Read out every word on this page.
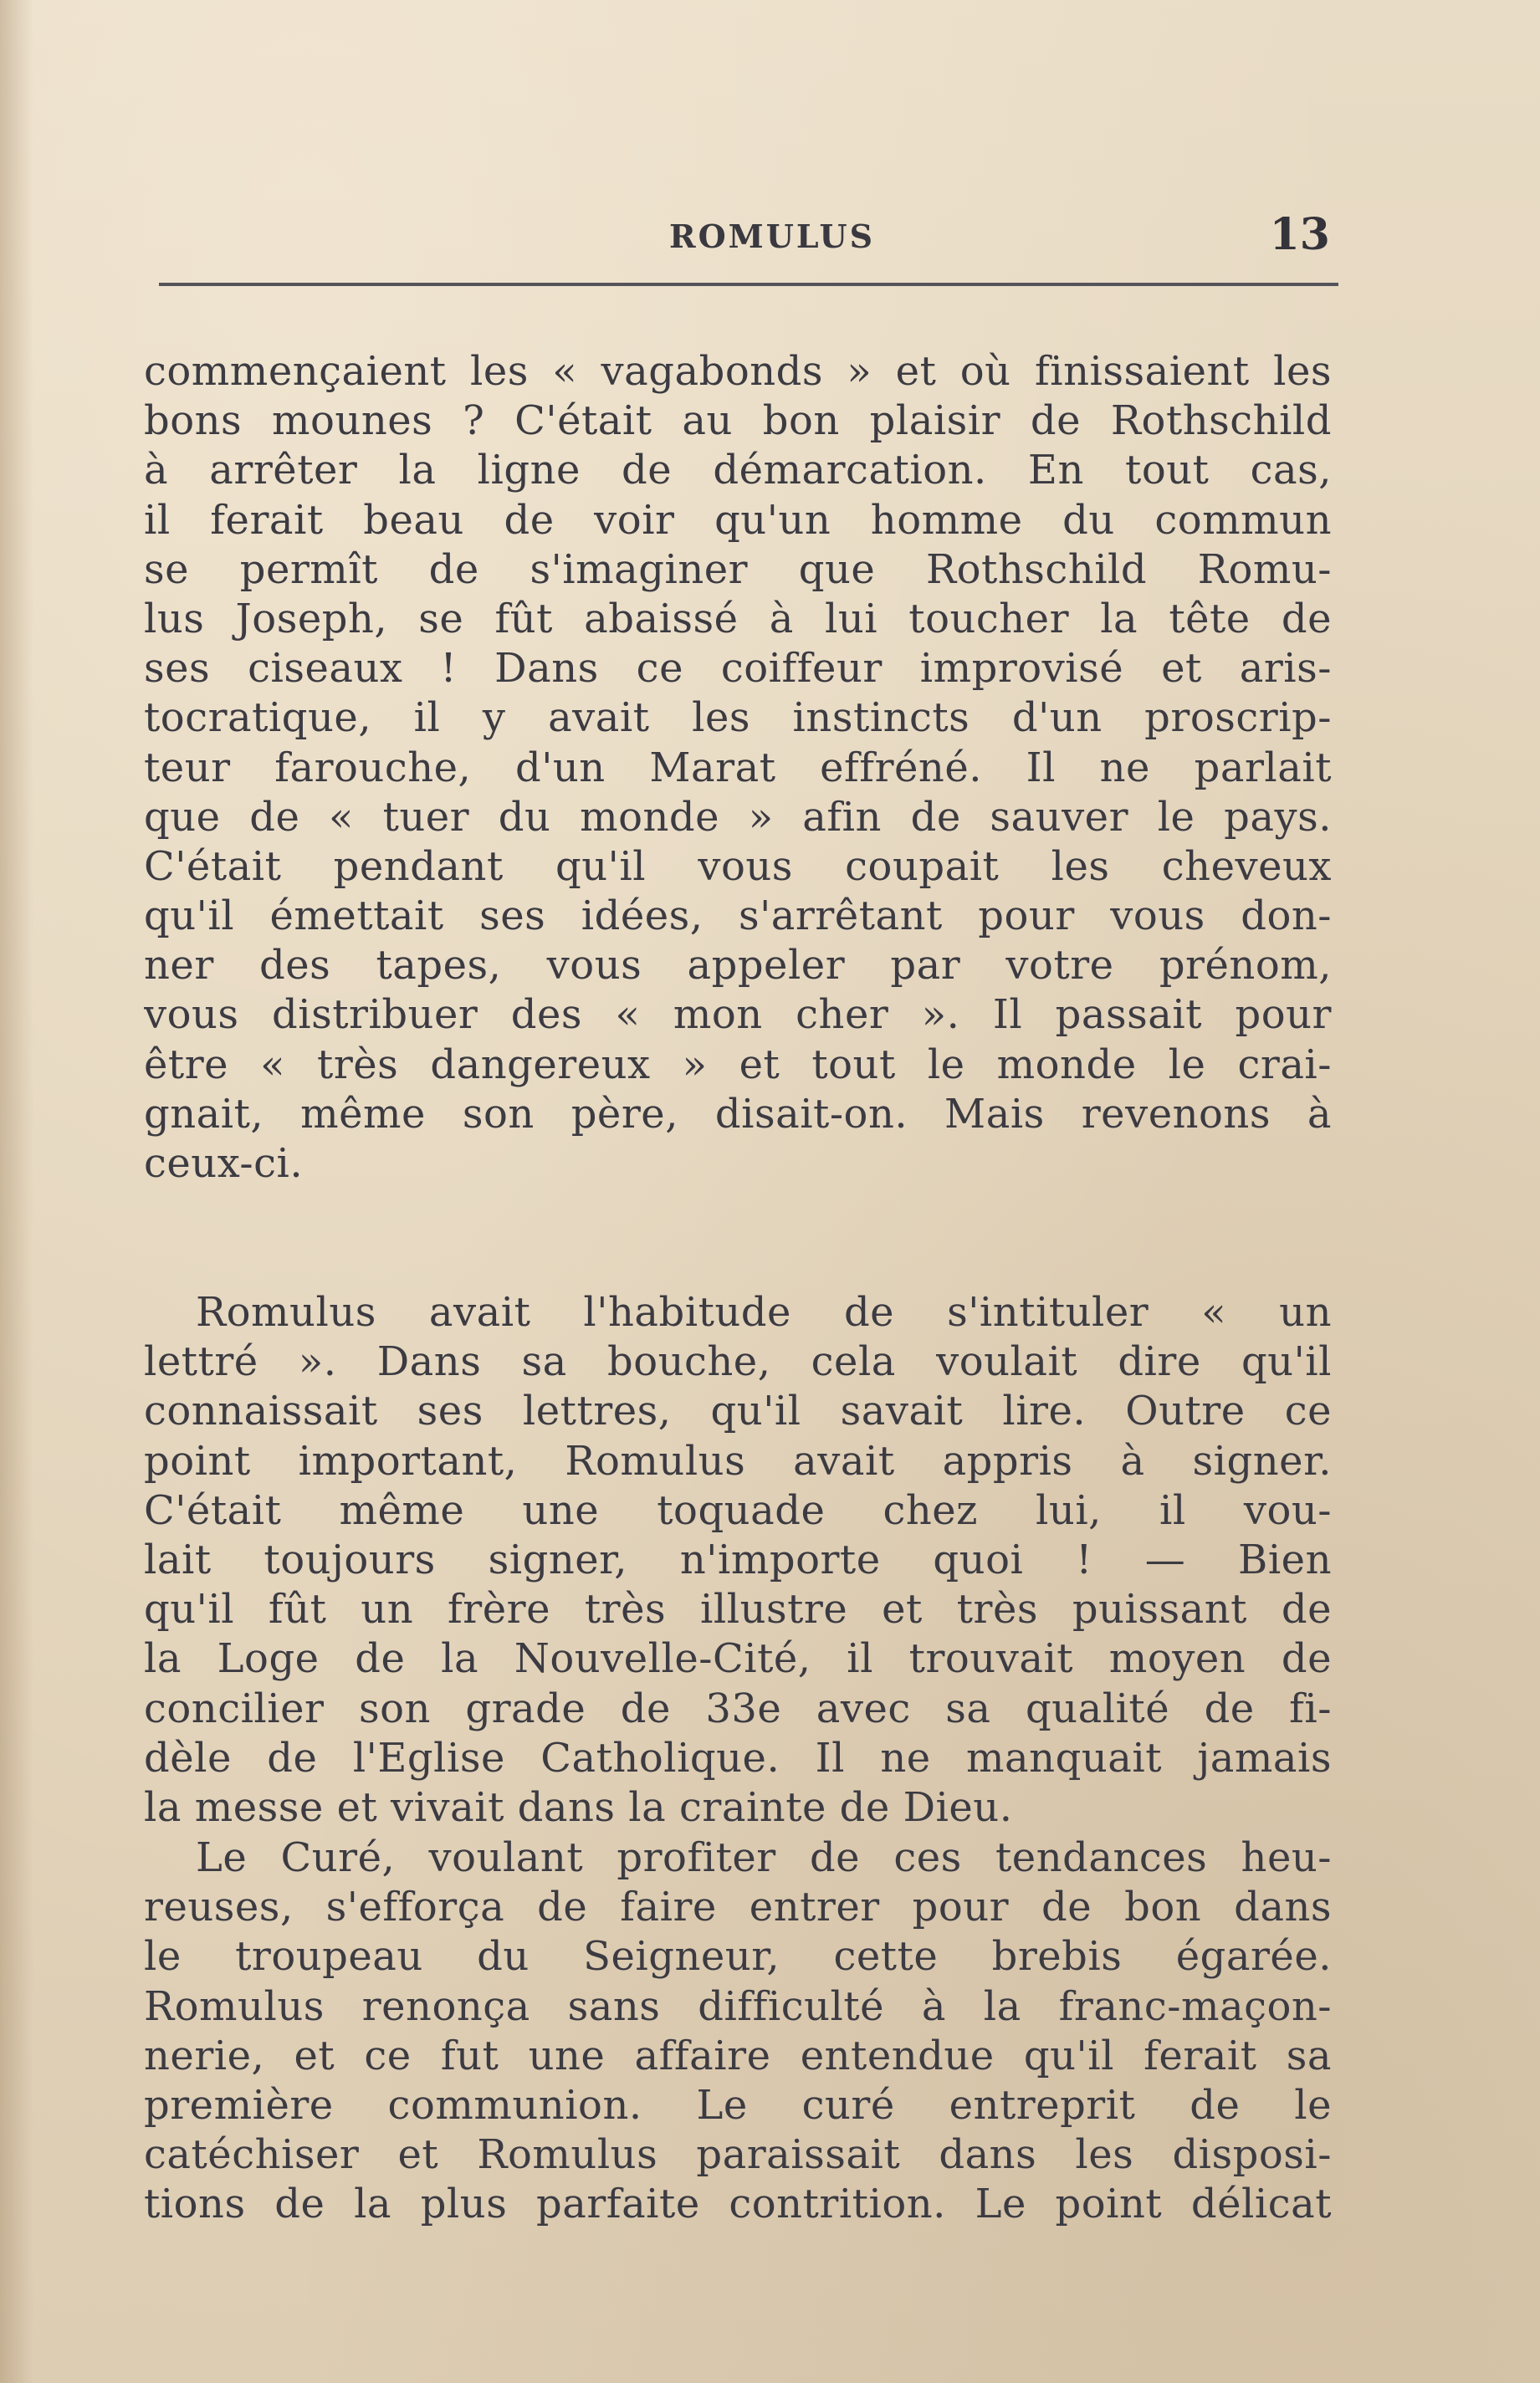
ROMULUS	13
commençaient les « vagabonds » et où finissaient les
bons mounes ? C'était au bon plaisir de Rothschild
à arrêter la ligne de démarcation. En tout cas,
il ferait beau de voir qu'un homme du commun
se permît de s'imaginer que Rothschild Romu-
lus Joseph, se fût abaissé à lui toucher la tête de
ses ciseaux ! Dans ce coiffeur improvisé et aris-
tocratique, il y avait les instincts d'un proscrip-
teur farouche, d'un Marat effréné. Il ne parlait
que de « tuer du monde » afin de sauver le pays.
C'était pendant qu'il vous coupait les cheveux
qu'il émettait ses idées, s'arrêtant pour vous don-
ner des tapes, vous appeler par votre prénom,
vous distribuer des « mon cher ». Il passait pour
être « très dangereux » et tout le monde le crai-
gnait, même son père, disait-on. Mais revenons à
ceux-ci.
Romulus avait l'habitude de s'intituler « un
lettré ». Dans sa bouche, cela voulait dire qu'il
connaissait ses lettres, qu'il savait lire. Outre ce
point important, Romulus avait appris à signer.
C'était même une toquade chez lui, il vou-
lait toujours signer, n'importe quoi ! — Bien
qu'il fût un frère très illustre et très puissant de
la Loge de la Nouvelle-Cité, il trouvait moyen de
concilier son grade de 33e avec sa qualité de fi-
dèle de l'Eglise Catholique. Il ne manquait jamais
la messe et vivait dans la crainte de Dieu.
Le Curé, voulant profiter de ces tendances heu-
reuses, s'efforça de faire entrer pour de bon dans
le troupeau du Seigneur, cette brebis égarée.
Romulus renonça sans difficulté à la franc-maçon-
nerie, et ce fut une affaire entendue qu'il ferait sa
première communion. Le curé entreprit de le
catéchiser et Romulus paraissait dans les disposi-
tions de la plus parfaite contrition. Le point délicat
